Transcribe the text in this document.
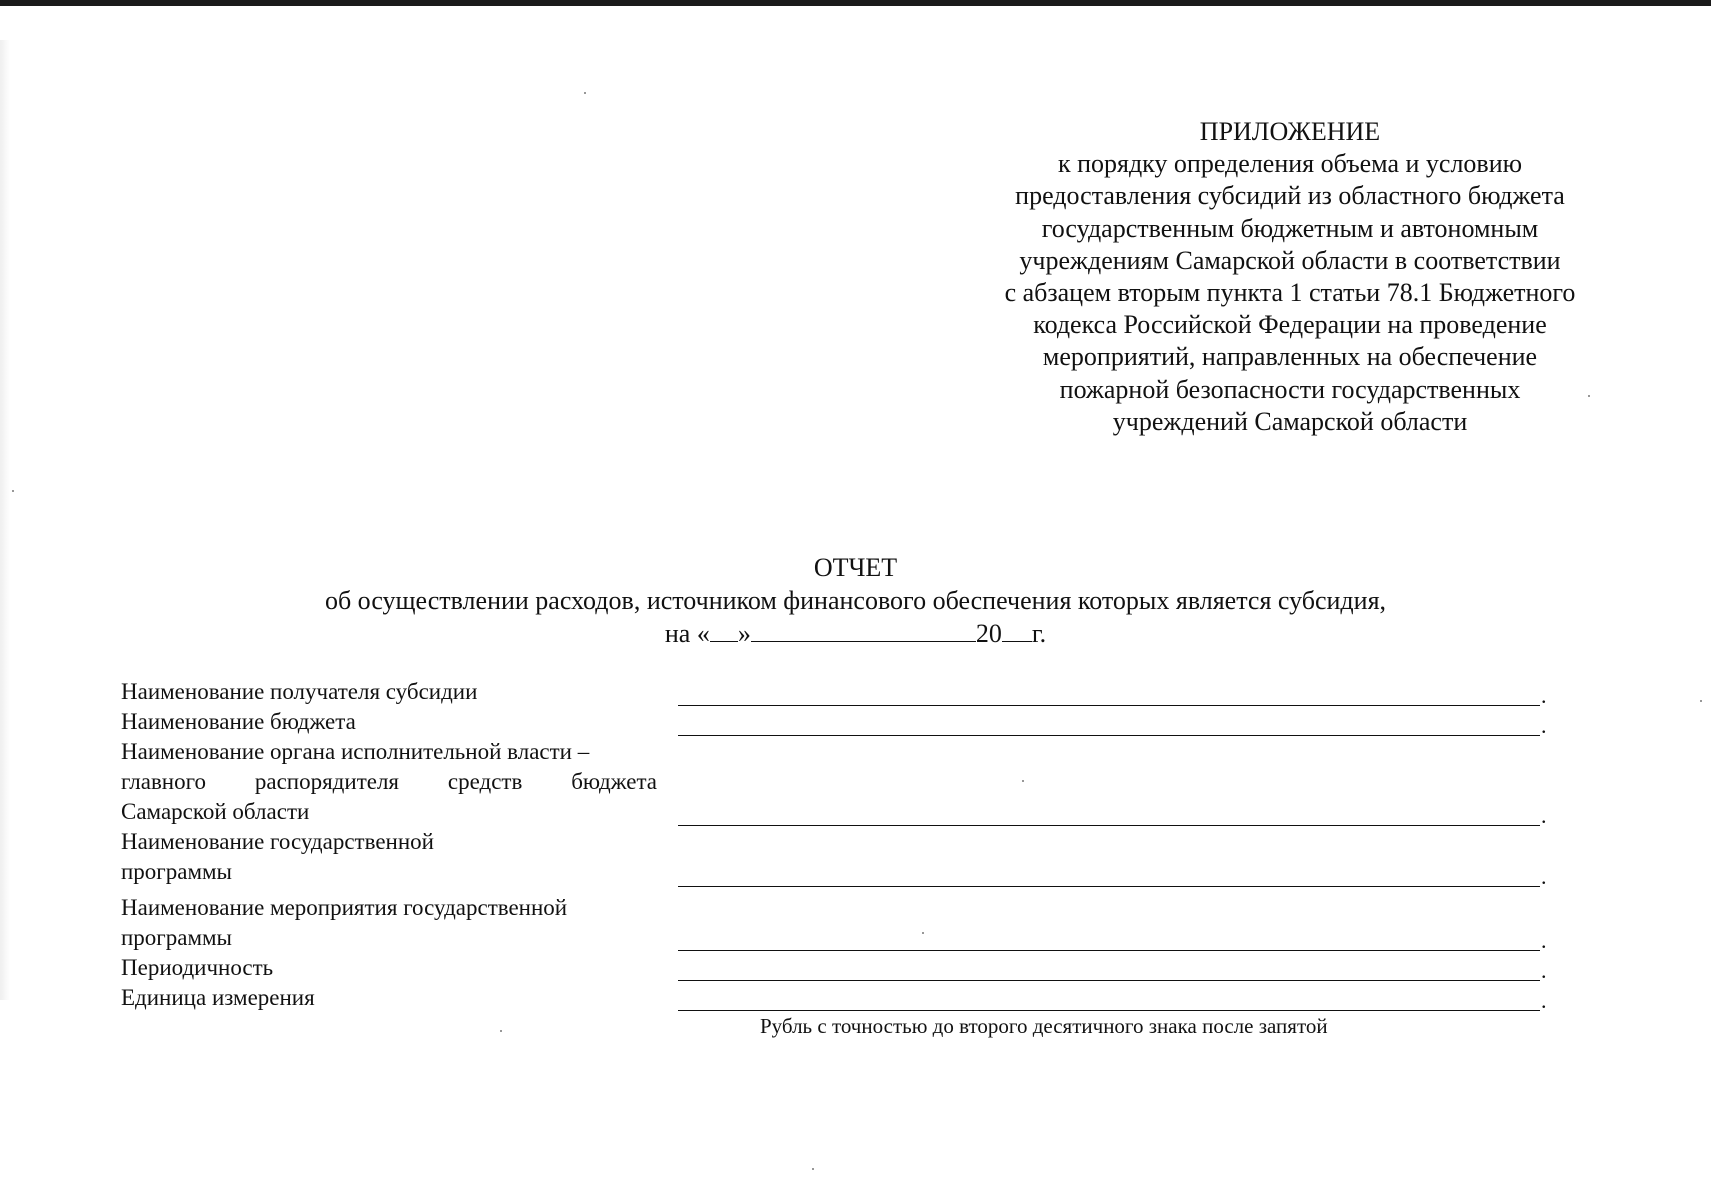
ПРИЛОЖЕНИЕ
к порядку определения объема и условию
предоставления субсидий из областного бюджета
государственным бюджетным и автономным
учреждениям Самарской области в соответствии
с абзацем вторым пункта 1 статьи 78.1 Бюджетного
кодекса Российской Федерации на проведение
мероприятий, направленных на обеспечение
пожарной безопасности государственных
учреждений Самарской области
ОТЧЕТ
об осуществлении расходов, источником финансового обеспечения которых является субсидия,
на « »	20 г.
Наименование получателя субсидии	.
Наименование бюджета	.
Наименование органа исполнительной власти –
главного распорядителя средств бюджета
Самарской области	.
Наименование государственной
программы	.
Наименование мероприятия государственной
программы	.
Периодичность	.
Единица измерения	.
Рубль с точностью до второго десятичного знака после запятой
